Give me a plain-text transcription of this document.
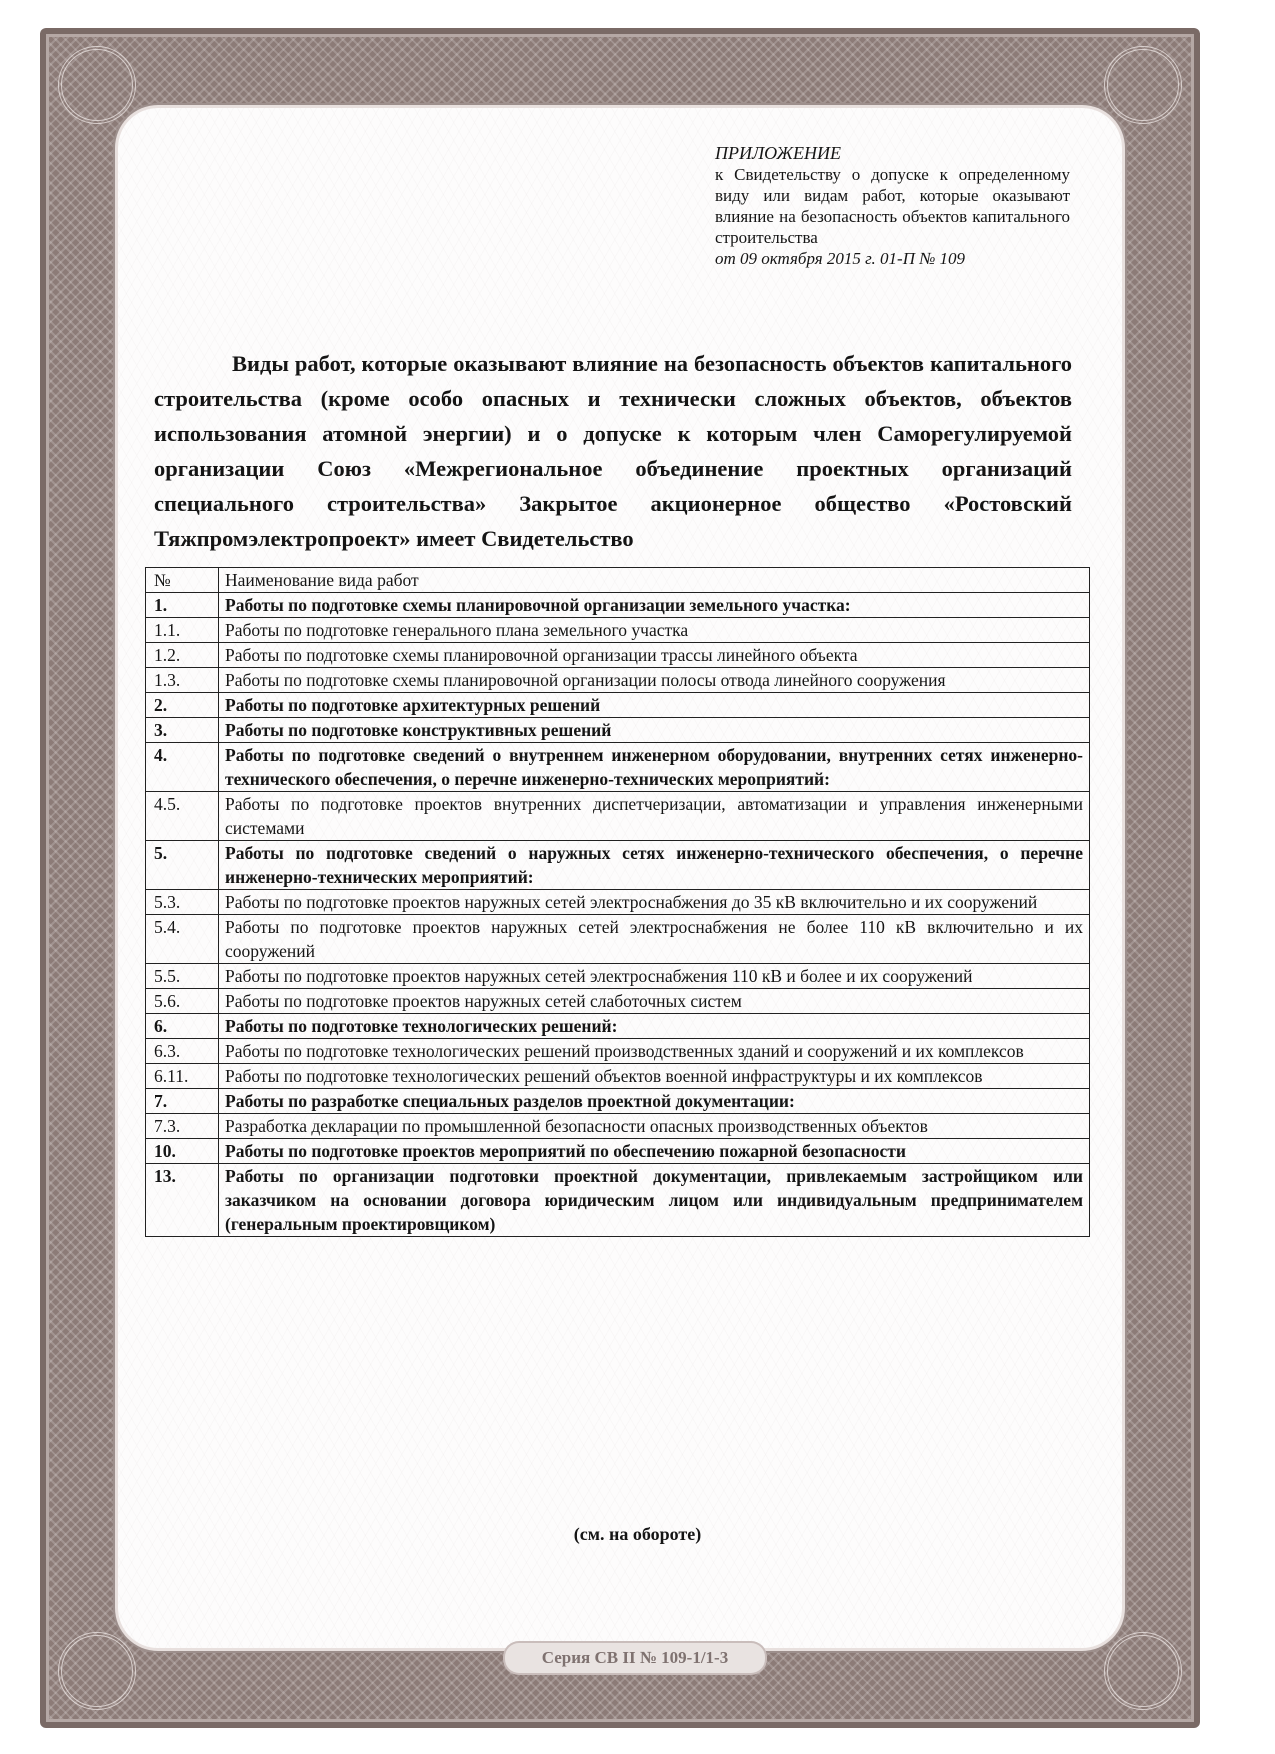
ПРИЛОЖЕНИЕ
к Свидетельству о допуске к определенному виду или видам работ, которые оказывают влияние на безопасность объектов капитального строительства
от 09 октября 2015 г. 01-П № 109
Виды работ, которые оказывают влияние на безопасность объектов капитального строительства (кроме особо опасных и технически сложных объектов, объектов использования атомной энергии) и о допуске к которым член Саморегулируемой организации Союз «Межрегиональное объединение проектных организаций специального строительства» Закрытое акционерное общество «Ростовский Тяжпромэлектропроект» имеет Свидетельство
№	Наименование вида работ
1.	Работы по подготовке схемы планировочной организации земельного участка:
1.1.	Работы по подготовке генерального плана земельного участка
1.2.	Работы по подготовке схемы планировочной организации трассы линейного объекта
1.3.	Работы по подготовке схемы планировочной организации полосы отвода линейного сооружения
2.	Работы по подготовке архитектурных решений
3.	Работы по подготовке конструктивных решений
4.	Работы по подготовке сведений о внутреннем инженерном оборудовании, внутренних сетях инженерно-технического обеспечения, о перечне инженерно-технических мероприятий:
4.5.	Работы по подготовке проектов внутренних диспетчеризации, автоматизации и управления инженерными системами
5.	Работы по подготовке сведений о наружных сетях инженерно-технического обеспечения, о перечне инженерно-технических мероприятий:
5.3.	Работы по подготовке проектов наружных сетей электроснабжения до 35 кВ включительно и их сооружений
5.4.	Работы по подготовке проектов наружных сетей электроснабжения не более 110 кВ включительно и их сооружений
5.5.	Работы по подготовке проектов наружных сетей электроснабжения 110 кВ и более и их сооружений
5.6.	Работы по подготовке проектов наружных сетей слаботочных систем
6.	Работы по подготовке технологических решений:
6.3.	Работы по подготовке технологических решений производственных зданий и сооружений и их комплексов
6.11.	Работы по подготовке технологических решений объектов военной инфраструктуры и их комплексов
7.	Работы по разработке специальных разделов проектной документации:
7.3.	Разработка декларации по промышленной безопасности опасных производственных объектов
10.	Работы по подготовке проектов мероприятий по обеспечению пожарной безопасности
13.	Работы по организации подготовки проектной документации, привлекаемым застройщиком или заказчиком на основании договора юридическим лицом или индивидуальным предпринимателем (генеральным проектировщиком)
(см. на обороте)
Серия СВ II № 109-1/1-3
